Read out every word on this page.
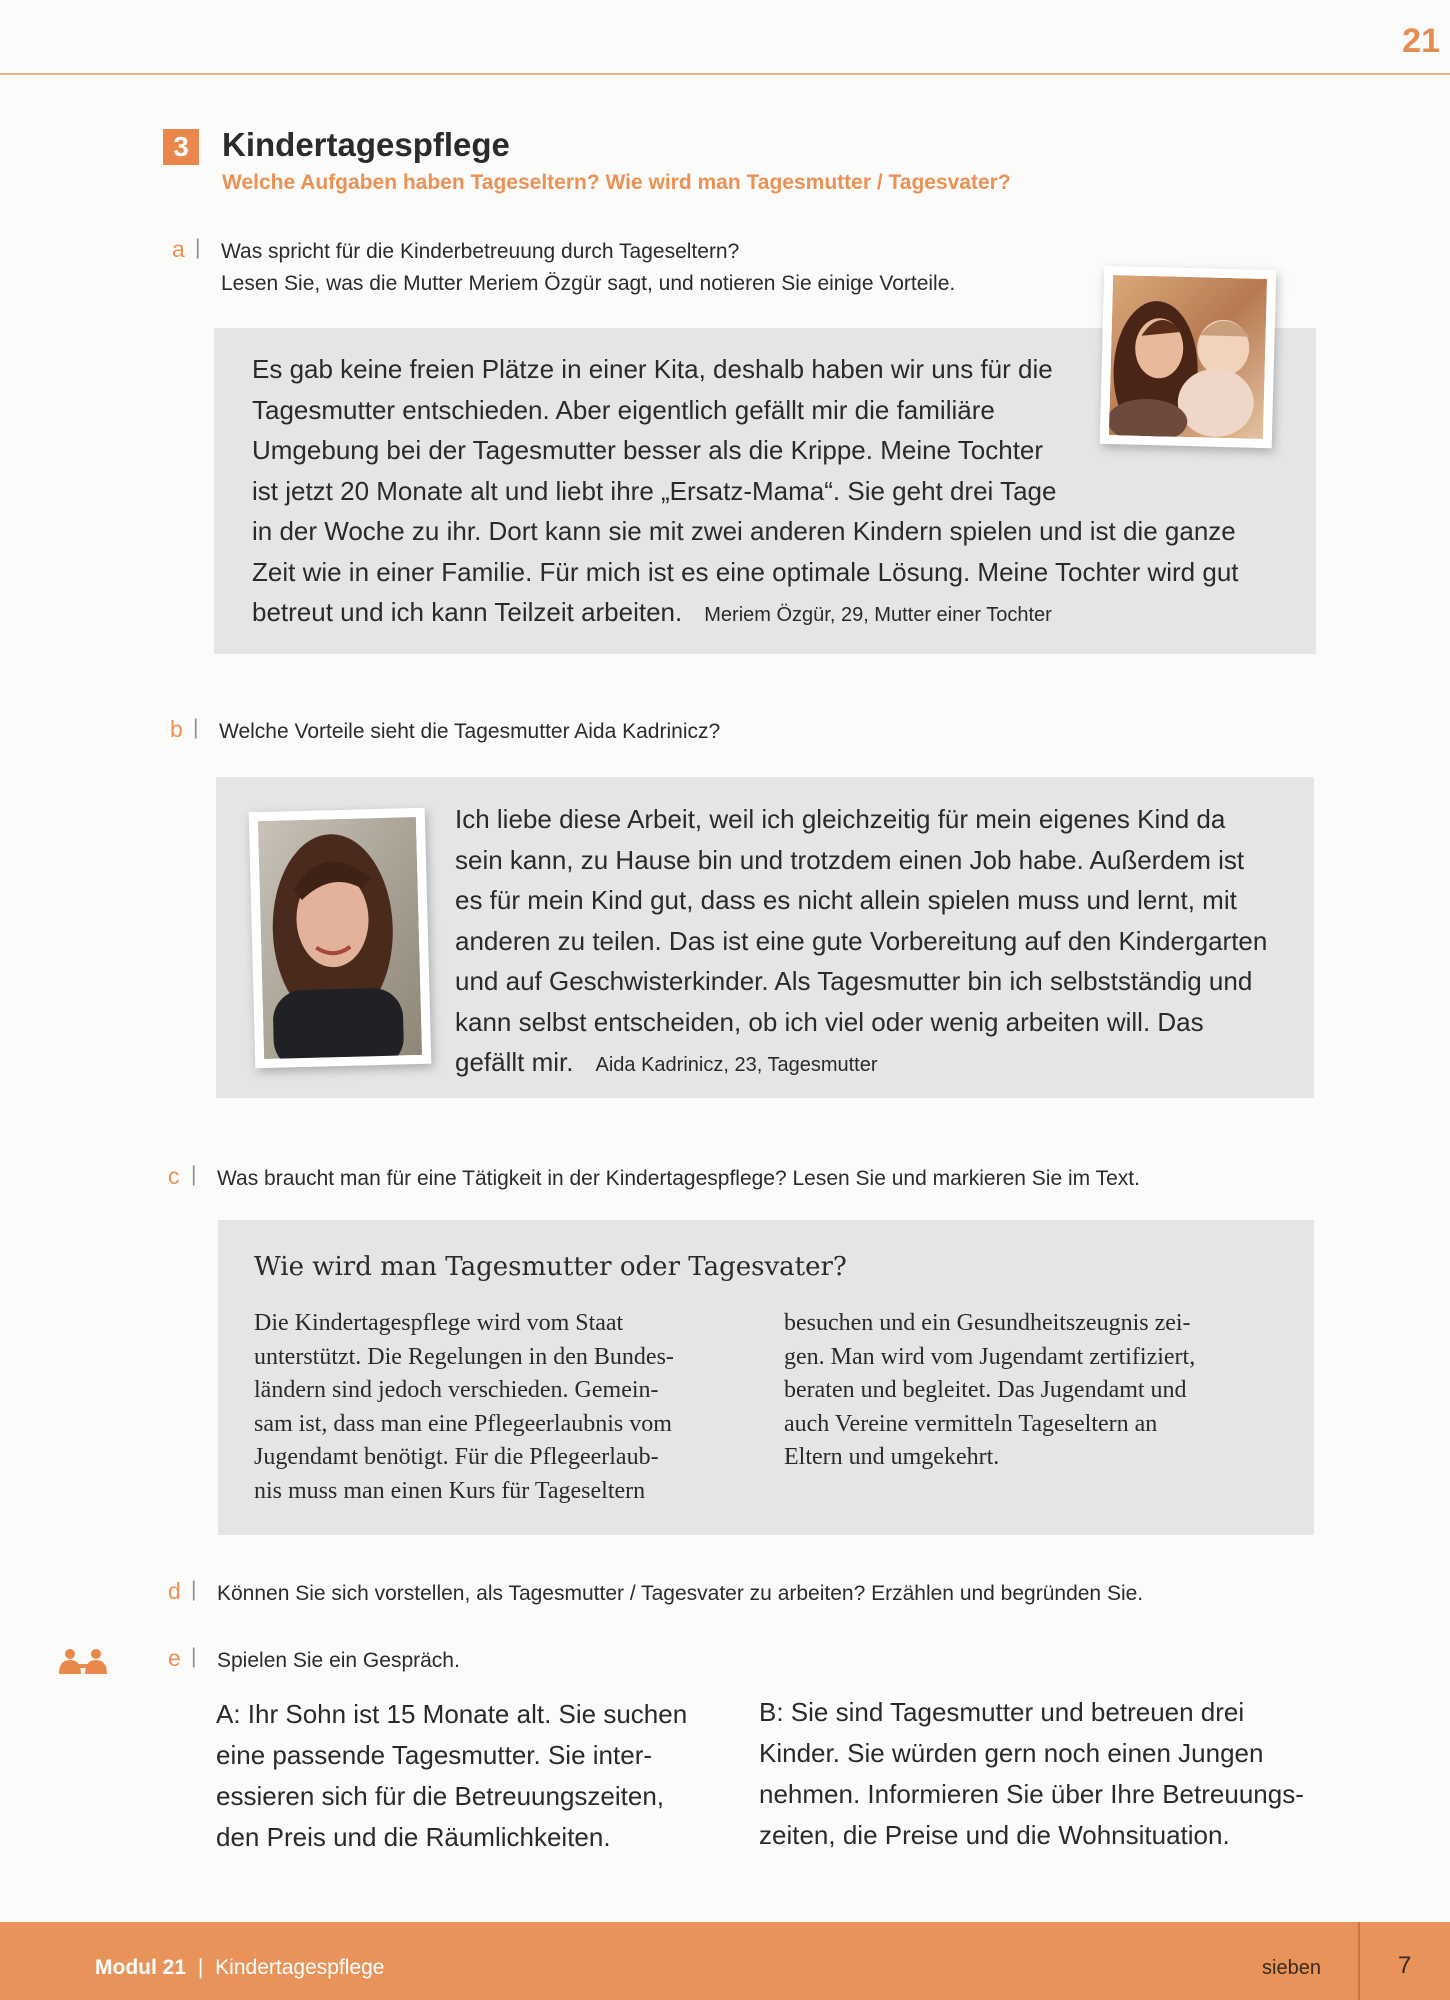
21
3	Kindertagespflege
Welche Aufgaben haben Tageseltern? Wie wird man Tagesmutter / Tagesvater?
a | Was spricht für die Kinderbetreuung durch Tageseltern?
Lesen Sie, was die Mutter Meriem Özgür sagt, und notieren Sie einige Vorteile.
Es gab keine freien Plätze in einer Kita, deshalb haben wir uns für die
Tagesmutter entschieden. Aber eigentlich gefällt mir die familiäre
Umgebung bei der Tagesmutter besser als die Krippe. Meine Tochter
ist jetzt 20 Monate alt und liebt ihre „Ersatz-Mama“. Sie geht drei Tage
in der Woche zu ihr. Dort kann sie mit zwei anderen Kindern spielen und ist die ganze
Zeit wie in einer Familie. Für mich ist es eine optimale Lösung. Meine Tochter wird gut
betreut und ich kann Teilzeit arbeiten. Meriem Özgür, 29, Mutter einer Tochter
b | Welche Vorteile sieht die Tagesmutter Aida Kadrinicz?
Ich liebe diese Arbeit, weil ich gleichzeitig für mein eigenes Kind da
sein kann, zu Hause bin und trotzdem einen Job habe. Außerdem ist
es für mein Kind gut, dass es nicht allein spielen muss und lernt, mit
anderen zu teilen. Das ist eine gute Vorbereitung auf den Kindergarten
und auf Geschwisterkinder. Als Tagesmutter bin ich selbstständig und
kann selbst entscheiden, ob ich viel oder wenig arbeiten will. Das
gefällt mir. Aida Kadrinicz, 23, Tagesmutter
c | Was braucht man für eine Tätigkeit in der Kindertagespflege? Lesen Sie und markieren Sie im Text.
Wie wird man Tagesmutter oder Tagesvater?
Die Kindertagespflege wird vom Staat
unterstützt. Die Regelungen in den Bundes-
ländern sind jedoch verschieden. Gemein-
sam ist, dass man eine Pflegeerlaubnis vom
Jugendamt benötigt. Für die Pflegeerlaub-
nis muss man einen Kurs für Tageseltern
besuchen und ein Gesundheitszeugnis zei-
gen. Man wird vom Jugendamt zertifiziert,
beraten und begleitet. Das Jugendamt und
auch Vereine vermitteln Tageseltern an
Eltern und umgekehrt.
d | Können Sie sich vorstellen, als Tagesmutter / Tagesvater zu arbeiten? Erzählen und begründen Sie.
e | Spielen Sie ein Gespräch.
A: Ihr Sohn ist 15 Monate alt. Sie suchen
eine passende Tagesmutter. Sie inter-
essieren sich für die Betreuungszeiten,
den Preis und die Räumlichkeiten.
B: Sie sind Tagesmutter und betreuen drei
Kinder. Sie würden gern noch einen Jungen
nehmen. Informieren Sie über Ihre Betreuungs-
zeiten, die Preise und die Wohnsituation.
Modul 21 | Kindertagespflege	sieben	7
